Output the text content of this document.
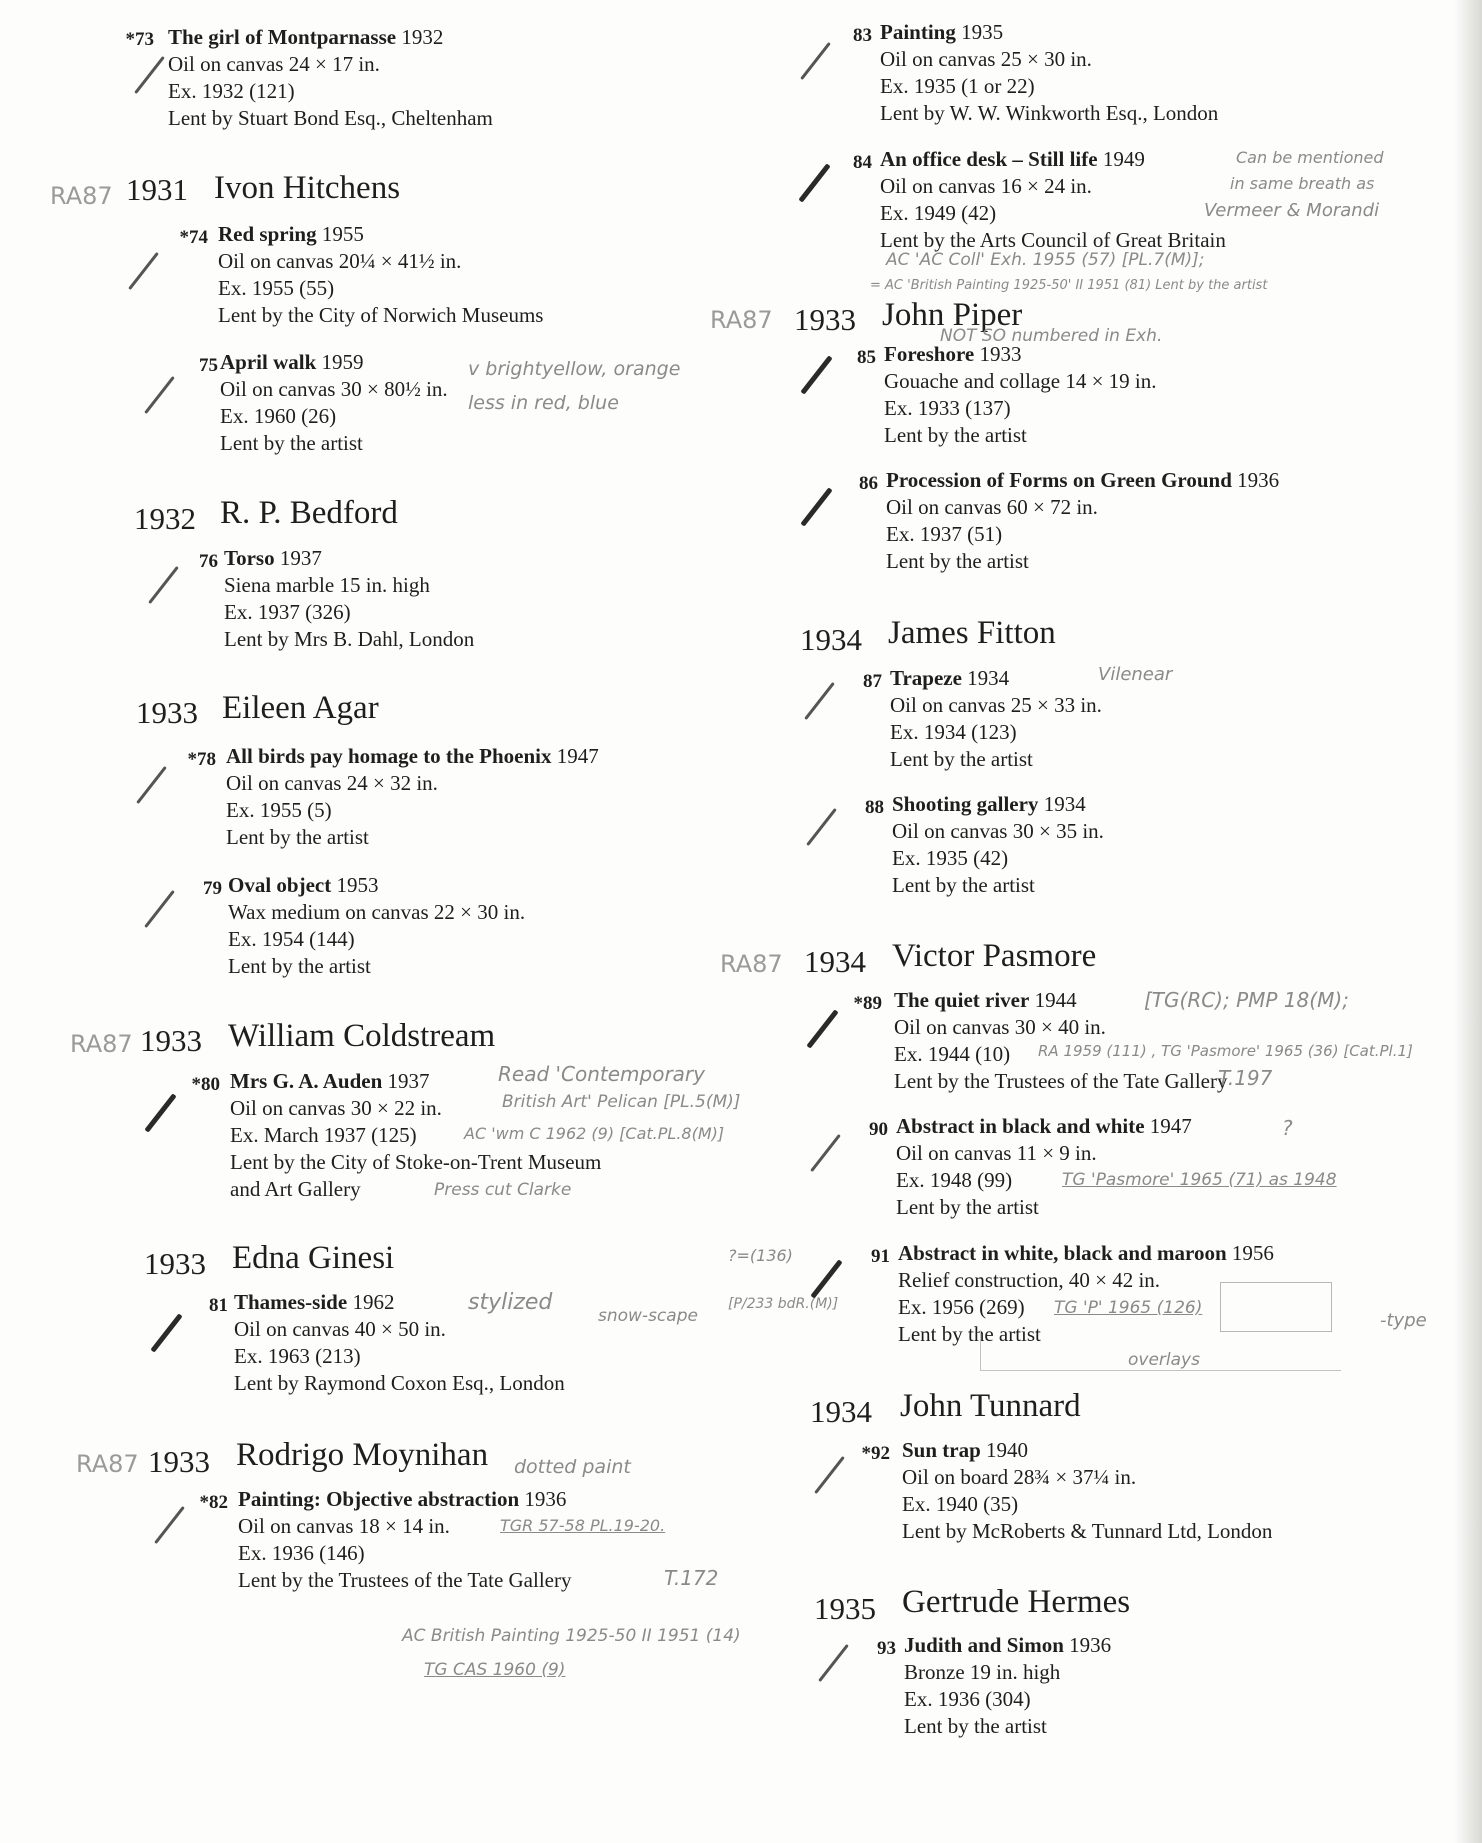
*73 The girl of Montparnasse 1932
Oil on canvas 24 × 17 in.
Ex. 1932 (121)
Lent by Stuart Bond Esq., Cheltenham
RA87 1931 Ivon Hitchens
*74 Red spring 1955
Oil on canvas 20¼ × 41½ in.
Ex. 1955 (55)
Lent by the City of Norwich Museums
75 April walk 1959
Oil on canvas 30 × 80½ in.
Ex. 1960 (26)
Lent by the artist
v brightyellow, orange less in red, blue
1932 R. P. Bedford
76 Torso 1937
Siena marble 15 in. high
Ex. 1937 (326)
Lent by Mrs B. Dahl, London
1933 Eileen Agar
*78 All birds pay homage to the Phoenix 1947
Oil on canvas 24 × 32 in.
Ex. 1955 (5)
Lent by the artist
79 Oval object 1953
Wax medium on canvas 22 × 30 in.
Ex. 1954 (144)
Lent by the artist
RA87 1933 William Coldstream
*80 Mrs G. A. Auden 1937
Oil on canvas 30 × 22 in.
Ex. March 1937 (125)
Lent by the City of Stoke-on-Trent Museum
and Art Gallery
Read 'Contemporary
British Art' Pelican [PL.5(M)]
AC 'wm C 1962 (9) [Cat.PL.8(M)]
Press cut Clarke
1933 Edna Ginesi
81 Thames-side 1962
Oil on canvas 40 × 50 in.
Ex. 1963 (213)
Lent by Raymond Coxon Esq., London
stylized
snow-scape
?=(136)
[P/233 bdR.(M)]
RA87 1933 Rodrigo Moynihan
*82 Painting: Objective abstraction 1936
Oil on canvas 18 × 14 in.
Ex. 1936 (146)
Lent by the Trustees of the Tate Gallery
dotted paint
TGR 57-58 PL.19-20.
T.172
AC British Painting 1925-50 II 1951 (14)
TG CAS 1960 (9)
83 Painting 1935
Oil on canvas 25 × 30 in.
Ex. 1935 (1 or 22)
Lent by W. W. Winkworth Esq., London
84 An office desk – Still life 1949
Oil on canvas 16 × 24 in.
Ex. 1949 (42)
Lent by the Arts Council of Great Britain
Can be mentioned
in same breath as
Vermeer & Morandi
AC 'AC Coll' Exh. 1955 (57) [PL.7(M)];
= AC 'British Painting 1925-50' II 1951 (81) Lent by the artist
RA87 1933 John Piper
NOT SO numbered in Exh.
85 Foreshore 1933
Gouache and collage 14 × 19 in.
Ex. 1933 (137)
Lent by the artist
86 Procession of Forms on Green Ground 1936
Oil on canvas 60 × 72 in.
Ex. 1937 (51)
Lent by the artist
1934 James Fitton
87 Trapeze 1934
Oil on canvas 25 × 33 in.
Ex. 1934 (123)
Lent by the artist
Vilenear
88 Shooting gallery 1934
Oil on canvas 30 × 35 in.
Ex. 1935 (42)
Lent by the artist
RA87 1934 Victor Pasmore
*89 The quiet river 1944
Oil on canvas 30 × 40 in.
Ex. 1944 (10)
Lent by the Trustees of the Tate Gallery
[TG(RC); PMP 18(M);
RA 1959 (111) , TG 'Pasmore' 1965 (36) [Cat.Pl.1]
T.197
90 Abstract in black and white 1947
Oil on canvas 11 × 9 in.
Ex. 1948 (99)
Lent by the artist
?
TG 'Pasmore' 1965 (71) as 1948
91 Abstract in white, black and maroon 1956
Relief construction, 40 × 42 in.
Ex. 1956 (269)
Lent by the artist
TG 'P' 1965 (126)
overlays
-type
1934 John Tunnard
*92 Sun trap 1940
Oil on board 28¾ × 37¼ in.
Ex. 1940 (35)
Lent by McRoberts & Tunnard Ltd, London
1935 Gertrude Hermes
93 Judith and Simon 1936
Bronze 19 in. high
Ex. 1936 (304)
Lent by the artist
